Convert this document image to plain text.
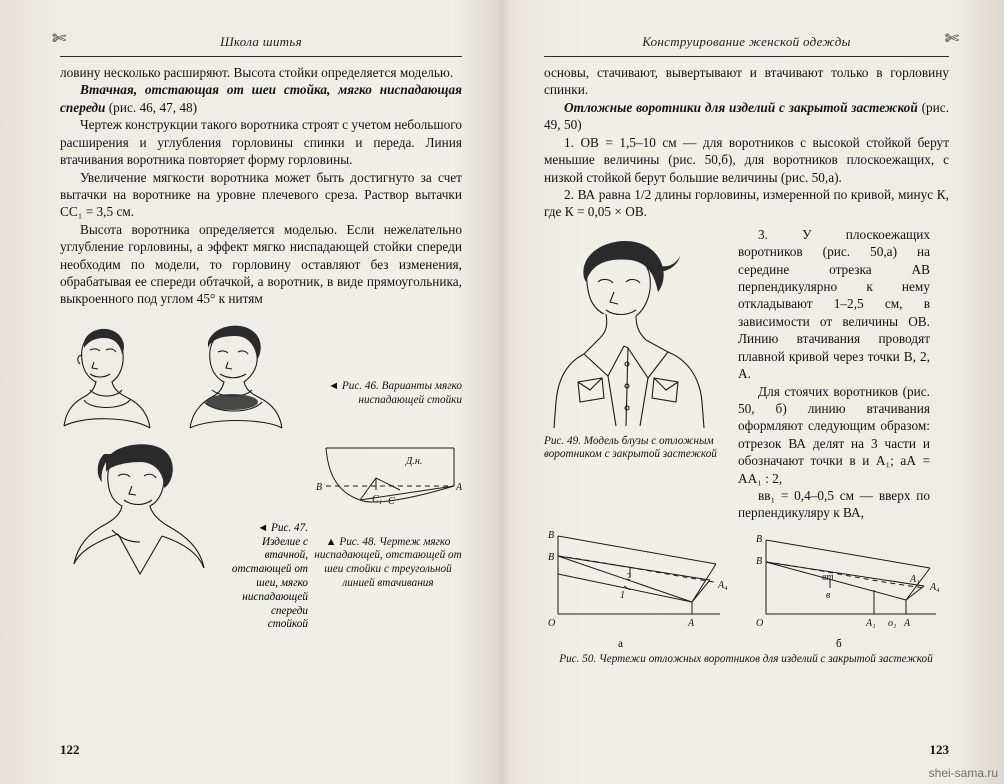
✄	Школа шитья

ловину несколько расширяют. Высота стойки определяется моделью.

Втачная, отстающая от шеи стойка, мягко ниспадающая спереди (рис. 46, 47, 48)

Чертеж конструкции такого воротника строят с учетом небольшого расширения и углубления горловины спинки и переда. Линия втачивания воротника повторяет форму горловины.

Увеличение мягкости воротника может быть достигнуто за счет вытачки на воротнике на уровне плечевого среза. Раствор вытачки СС₁ = 3,5 см.

Высота воротника определяется моделью. Если нежелательно углубление горловины, а эффект мягко ниспадающей стойки спереди необходим по модели, то горловину оставляют без изменения, обрабатывая ее спереди обтачкой, а воротник, в виде прямоугольника, выкроенного под углом 45° к нитям

◄ Рис. 46. Варианты мягко ниспадающей стойки
◄ Рис. 47. Изделие с втачной, отстающей от шеи, мягко ниспадающей спереди стойкой
Д.н.
B	A
C₁ C
▲ Рис. 48. Чертеж мягко ниспадающей, отстающей от шеи стойки с треугольной линией втачивания
122
Конструирование женской одежды	✄

основы, стачивают, вывертывают и втачивают только в горловину спинки.

Отложные воротники для изделий с закрытой застежкой (рис. 49, 50)

1. ОВ = 1,5–10 см — для воротников с высокой стойкой берут меньшие величины (рис. 50,б), для воротников плоскоежащих, с низкой стойкой берут большие величины (рис. 50,а).

2. ВА равна 1/2 длины горловины, измеренной по кривой, минус К, где К = 0,05 × ОВ.

Рис. 49. Модель блузы с отложным воротником с закрытой застежкой

3. У плоскоежащих воротников (рис. 50,а) на середине отрезка АВ перпендикулярно к нему откладывают 1–2,5 см, в зависимости от величины ОВ. Линию втачивания проводят плавной кривой через точки В, 2, А.

Для стоячих воротников (рис. 50, б) линию втачивания оформляют следующим образом: отрезок ВА делят на 3 части и обозначают точки в и А₁; аА = АА₁ : 2,

вв₁ = 0,4–0,5 см — вверх по перпендикуляру к ВА,

B
B
2
1
O	A
A₄
B
B
вт
в
O	A₁ о₁ A
A₁
A₄
а	б
Рис. 50. Чертежи отложных воротников для изделий с закрытой застежкой
123
shei-sama.ru
